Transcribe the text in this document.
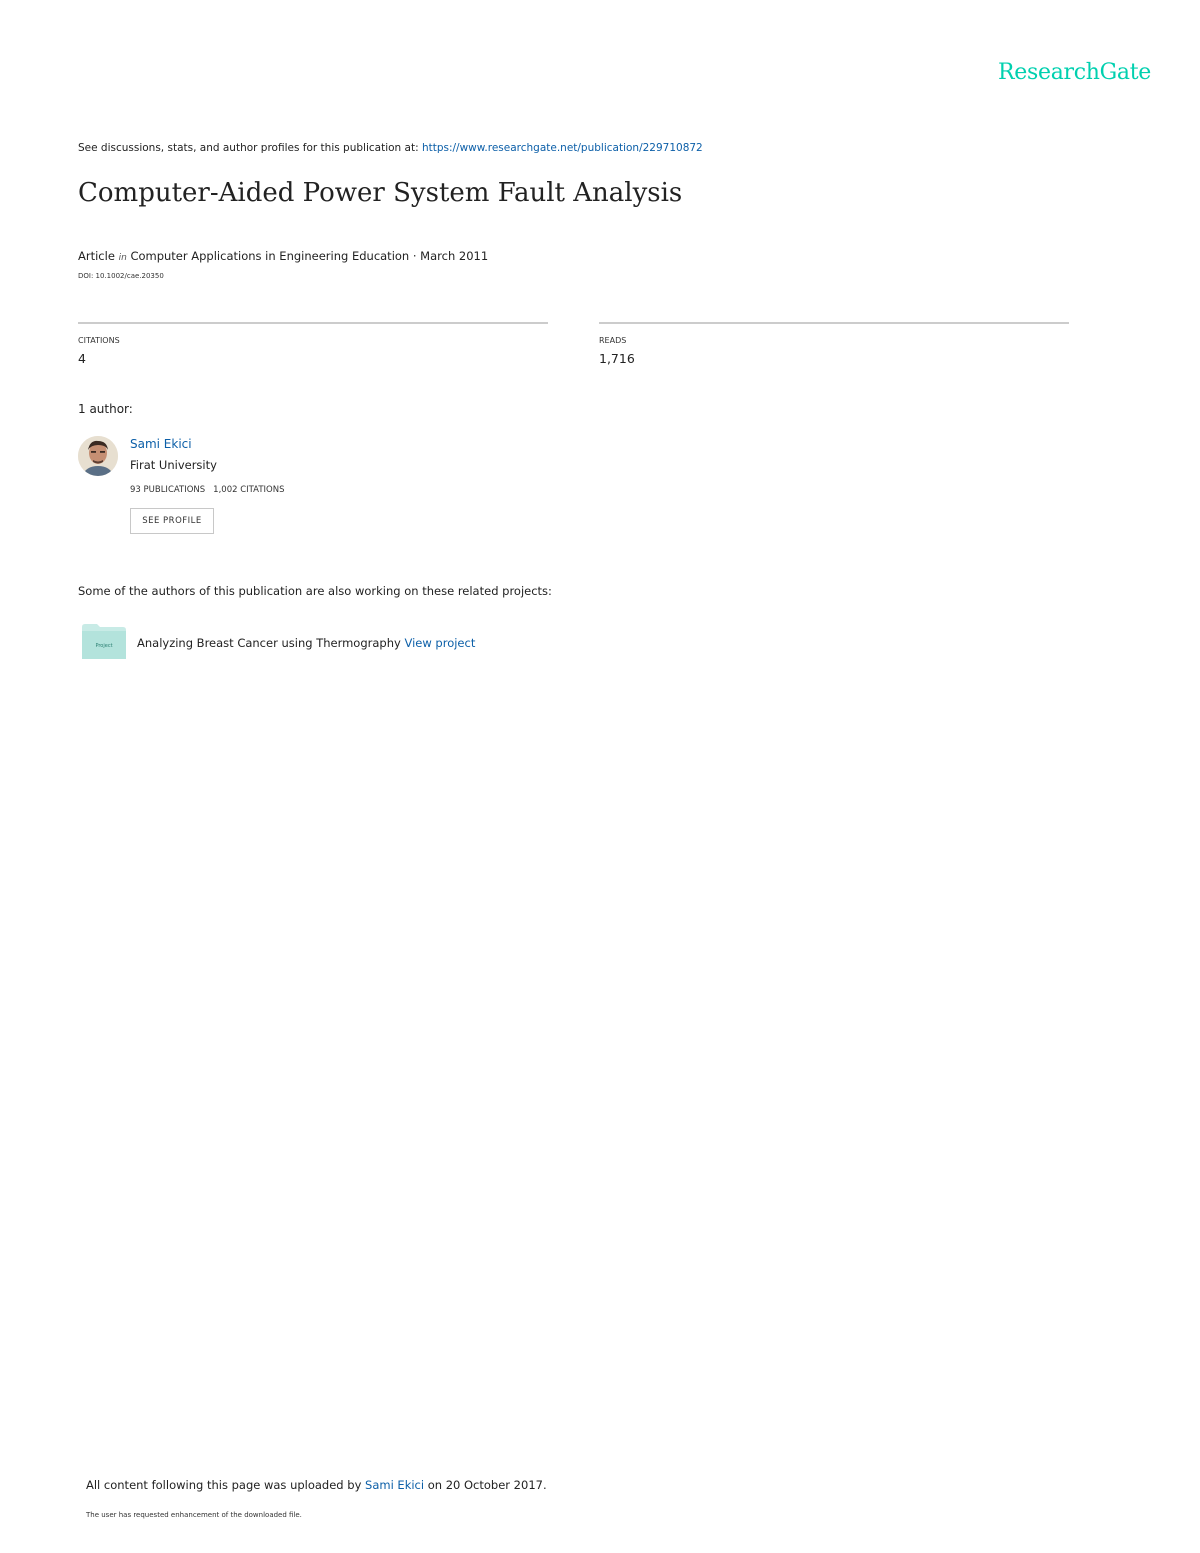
ResearchGate
See discussions, stats, and author profiles for this publication at: https://www.researchgate.net/publication/229710872
Computer-Aided Power System Fault Analysis
Article in Computer Applications in Engineering Education · March 2011
DOI: 10.1002/cae.20350
CITATIONS
4
READS
1,716
1 author:
Sami Ekici
Firat University
93 PUBLICATIONS 1,002 CITATIONS
SEE PROFILE
Some of the authors of this publication are also working on these related projects:
Project Analyzing Breast Cancer using Thermography View project
All content following this page was uploaded by Sami Ekici on 20 October 2017.
The user has requested enhancement of the downloaded file.
